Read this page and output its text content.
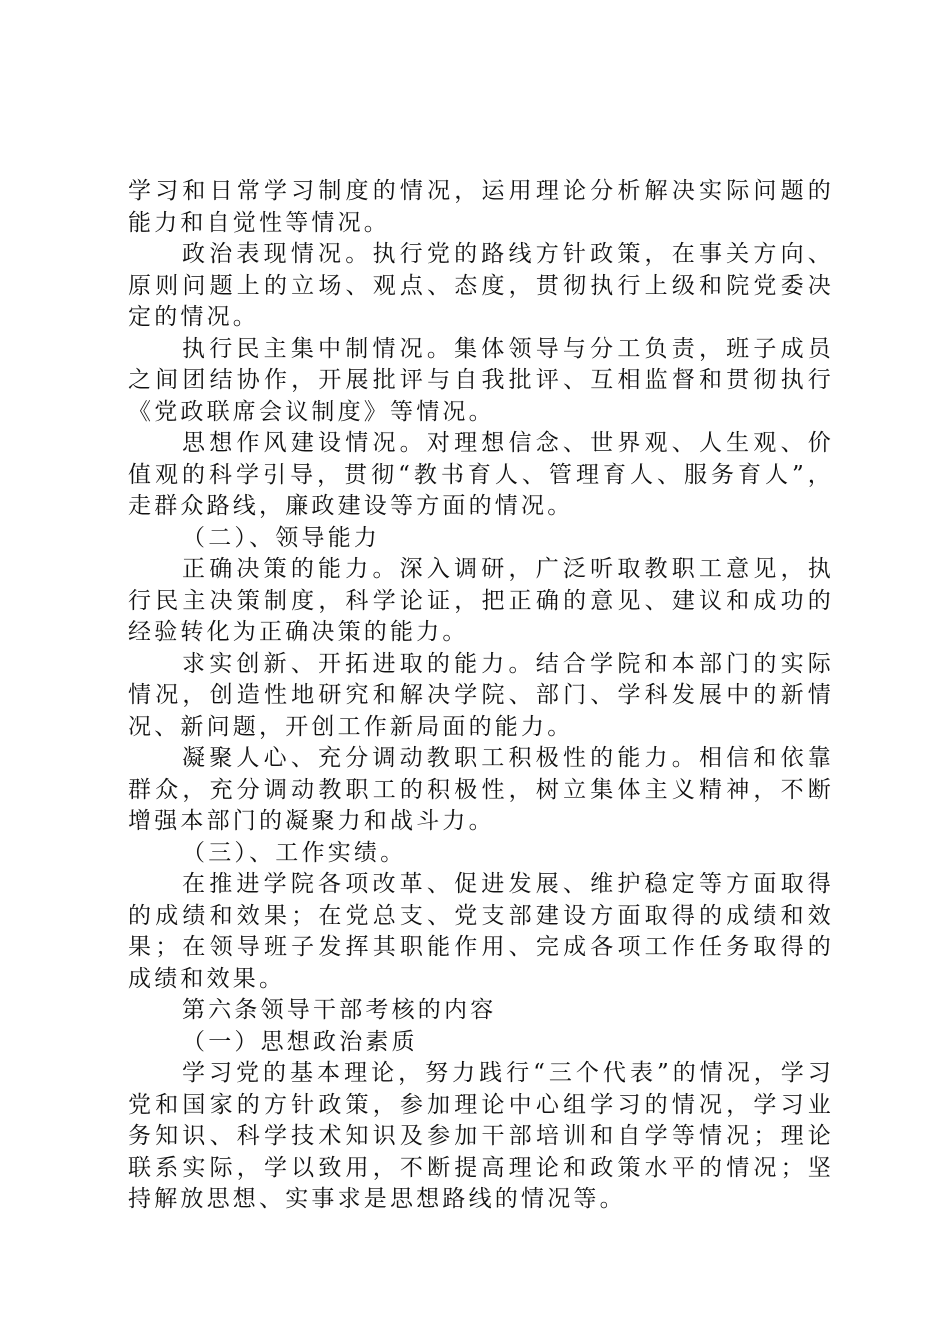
学习和日常学习制度的情况，运用理论分析解决实际问题的能力和自觉性等情况。

政治表现情况。执行党的路线方针政策，在事关方向、原则问题上的立场、观点、态度，贯彻执行上级和院党委决定的情况。

执行民主集中制情况。集体领导与分工负责，班子成员之间团结协作，开展批评与自我批评、互相监督和贯彻执行《党政联席会议制度》等情况。

思想作风建设情况。对理想信念、世界观、人生观、价值观的科学引导，贯彻“教书育人、管理育人、服务育人”，走群众路线，廉政建设等方面的情况。

（二）、领导能力

正确决策的能力。深入调研，广泛听取教职工意见，执行民主决策制度，科学论证，把正确的意见、建议和成功的经验转化为正确决策的能力。

求实创新、开拓进取的能力。结合学院和本部门的实际情况，创造性地研究和解决学院、部门、学科发展中的新情况、新问题，开创工作新局面的能力。

凝聚人心、充分调动教职工积极性的能力。相信和依靠群众，充分调动教职工的积极性，树立集体主义精神，不断增强本部门的凝聚力和战斗力。

（三）、工作实绩。

在推进学院各项改革、促进发展、维护稳定等方面取得的成绩和效果；在党总支、党支部建设方面取得的成绩和效果；在领导班子发挥其职能作用、完成各项工作任务取得的成绩和效果。

第六条领导干部考核的内容

（一）思想政治素质

学习党的基本理论，努力践行“三个代表”的情况，学习党和国家的方针政策，参加理论中心组学习的情况，学习业务知识、科学技术知识及参加干部培训和自学等情况；理论联系实际，学以致用，不断提高理论和政策水平的情况；坚持解放思想、实事求是思想路线的情况等。
